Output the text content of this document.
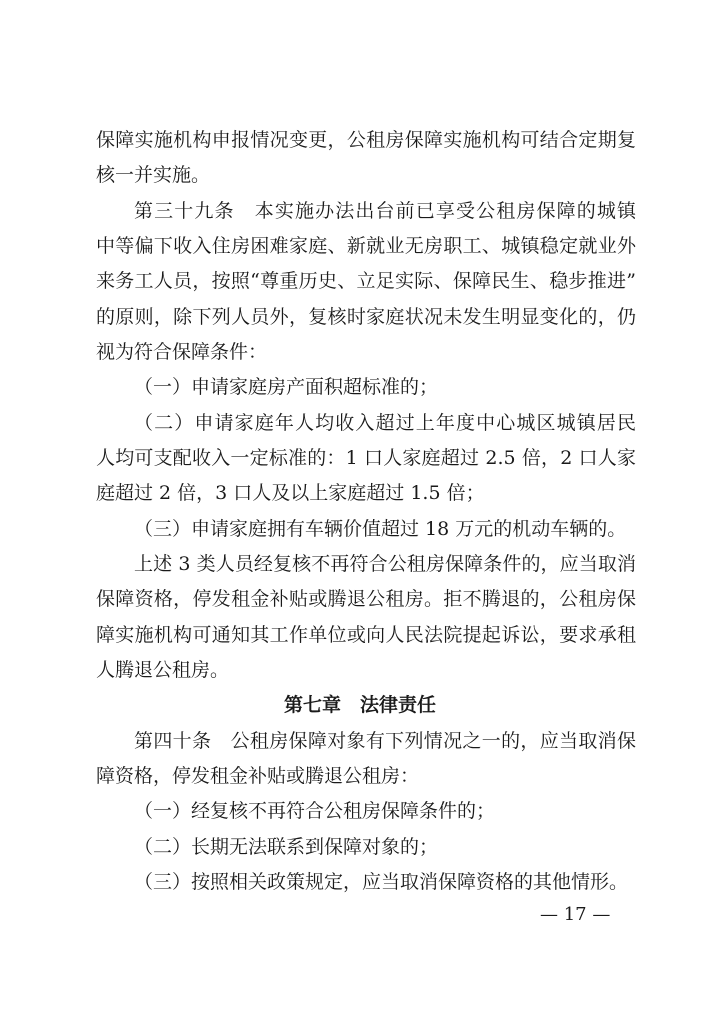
保障实施机构申报情况变更，公租房保障实施机构可结合定期复
核一并实施。
第三十九条　本实施办法出台前已享受公租房保障的城镇
中等偏下收入住房困难家庭、新就业无房职工、城镇稳定就业外
来务工人员，按照“尊重历史、立足实际、保障民生、稳步推进”
的原则，除下列人员外，复核时家庭状况未发生明显变化的，仍
视为符合保障条件：
（一）申请家庭房产面积超标准的；
（二）申请家庭年人均收入超过上年度中心城区城镇居民
人均可支配收入一定标准的：1 口人家庭超过 2.5 倍，2 口人家
庭超过 2 倍，3 口人及以上家庭超过 1.5 倍；
（三）申请家庭拥有车辆价值超过 18 万元的机动车辆的。
上述 3 类人员经复核不再符合公租房保障条件的，应当取消
保障资格，停发租金补贴或腾退公租房。拒不腾退的，公租房保
障实施机构可通知其工作单位或向人民法院提起诉讼，要求承租
人腾退公租房。
第七章　法律责任
第四十条　公租房保障对象有下列情况之一的，应当取消保
障资格，停发租金补贴或腾退公租房：
（一）经复核不再符合公租房保障条件的；
（二）长期无法联系到保障对象的；
（三）按照相关政策规定，应当取消保障资格的其他情形。
— 17 —
